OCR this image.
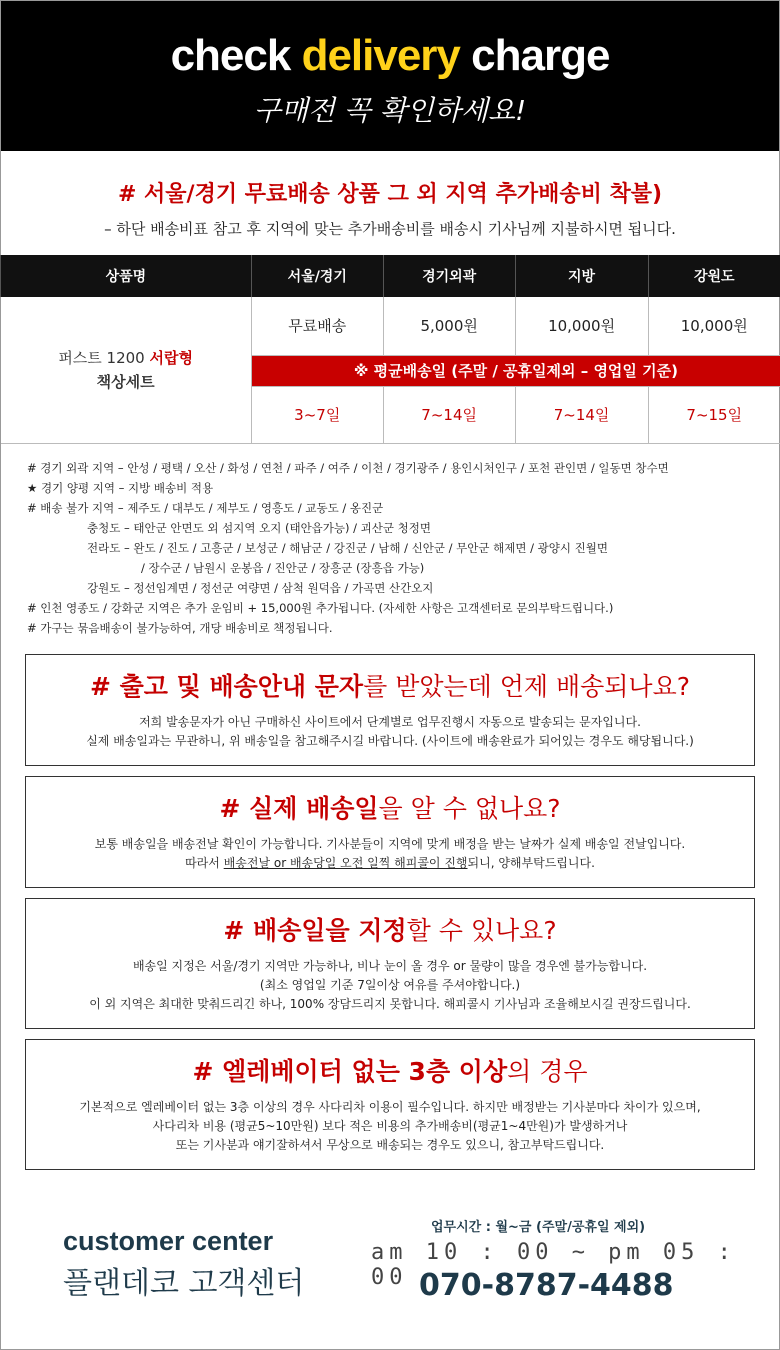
check delivery charge
구매전 꼭 확인하세요!
# 서울/경기 무료배송 상품 그 외 지역 추가배송비 착불)
– 하단 배송비표 참고 후 지역에 맞는 추가배송비를 배송시 기사님께 지불하시면 됩니다.
상품명	서울/경기	경기외곽	지방	강원도

퍼스트 1200 서랍형
책상세트	무료배송	5,000원	10,000원	10,000원
	※ 평균배송일 (주말 / 공휴일제외 – 영업일 기준)			
	3~7일	7~14일	7~14일	7~15일
# 경기 외곽 지역 – 안성 / 평택 / 오산 / 화성 / 연천 / 파주 / 여주 / 이천 / 경기광주 / 용인시처인구 / 포천 관인면 / 일동면 창수면
★ 경기 양평 지역 – 지방 배송비 적용
# 배송 불가 지역 – 제주도 / 대부도 / 제부도 / 영흥도 / 교동도 / 옹진군
충청도 – 태안군 안면도 외 섬지역 오지 (태안읍가능) / 괴산군 청정면
전라도 – 완도 / 진도 / 고흥군 / 보성군 / 해남군 / 강진군 / 남해 / 신안군 / 무안군 해제면 / 광양시 진월면
/ 장수군 / 남원시 운봉읍 / 진안군 / 장흥군 (장흥읍 가능)
강원도 – 정선임계면 / 정선군 여량면 / 삼척 원덕읍 / 가곡면 산간오지
# 인천 영종도 / 강화군 지역은 추가 운임비 + 15,000원 추가됩니다. (자세한 사항은 고객센터로 문의부탁드립니다.)
# 가구는 묶음배송이 불가능하여, 개당 배송비로 책정됩니다.
# 출고 및 배송안내 문자를 받았는데 언제 배송되나요?
저희 발송문자가 아닌 구매하신 사이트에서 단계별로 업무진행시 자동으로 발송되는 문자입니다.
실제 배송일과는 무관하니, 위 배송일을 참고해주시길 바랍니다. (사이트에 배송완료가 되어있는 경우도 해당됩니다.)
# 실제 배송일을 알 수 없나요?
보통 배송일을 배송전날 확인이 가능합니다. 기사분들이 지역에 맞게 배정을 받는 날짜가 실제 배송일 전날입니다.
따라서 배송전날 or 배송당일 오전 일찍 해피콜이 진행되니, 양해부탁드립니다.
# 배송일을 지정할 수 있나요?
배송일 지정은 서울/경기 지역만 가능하나, 비나 눈이 올 경우 or 물량이 많을 경우엔 불가능합니다.
(최소 영업일 기준 7일이상 여유를 주셔야합니다.)
이 외 지역은 최대한 맞춰드리긴 하나, 100% 장담드리지 못합니다. 해피콜시 기사님과 조율해보시길 권장드립니다.
# 엘레베이터 없는 3층 이상의 경우
기본적으로 엘레베이터 없는 3층 이상의 경우 사다리차 이용이 필수입니다. 하지만 배정받는 기사분마다 차이가 있으며,
사다리차 비용 (평균5~10만원) 보다 적은 비용의 추가배송비(평균1~4만원)가 발생하거나
또는 기사분과 얘기잘하셔서 무상으로 배송되는 경우도 있으니, 참고부탁드립니다.
customer center
플랜데코 고객센터
업무시간 : 월~금 (주말/공휴일 제외)
am 10 : 00 ~ pm 05 : 00 070-8787-4488
